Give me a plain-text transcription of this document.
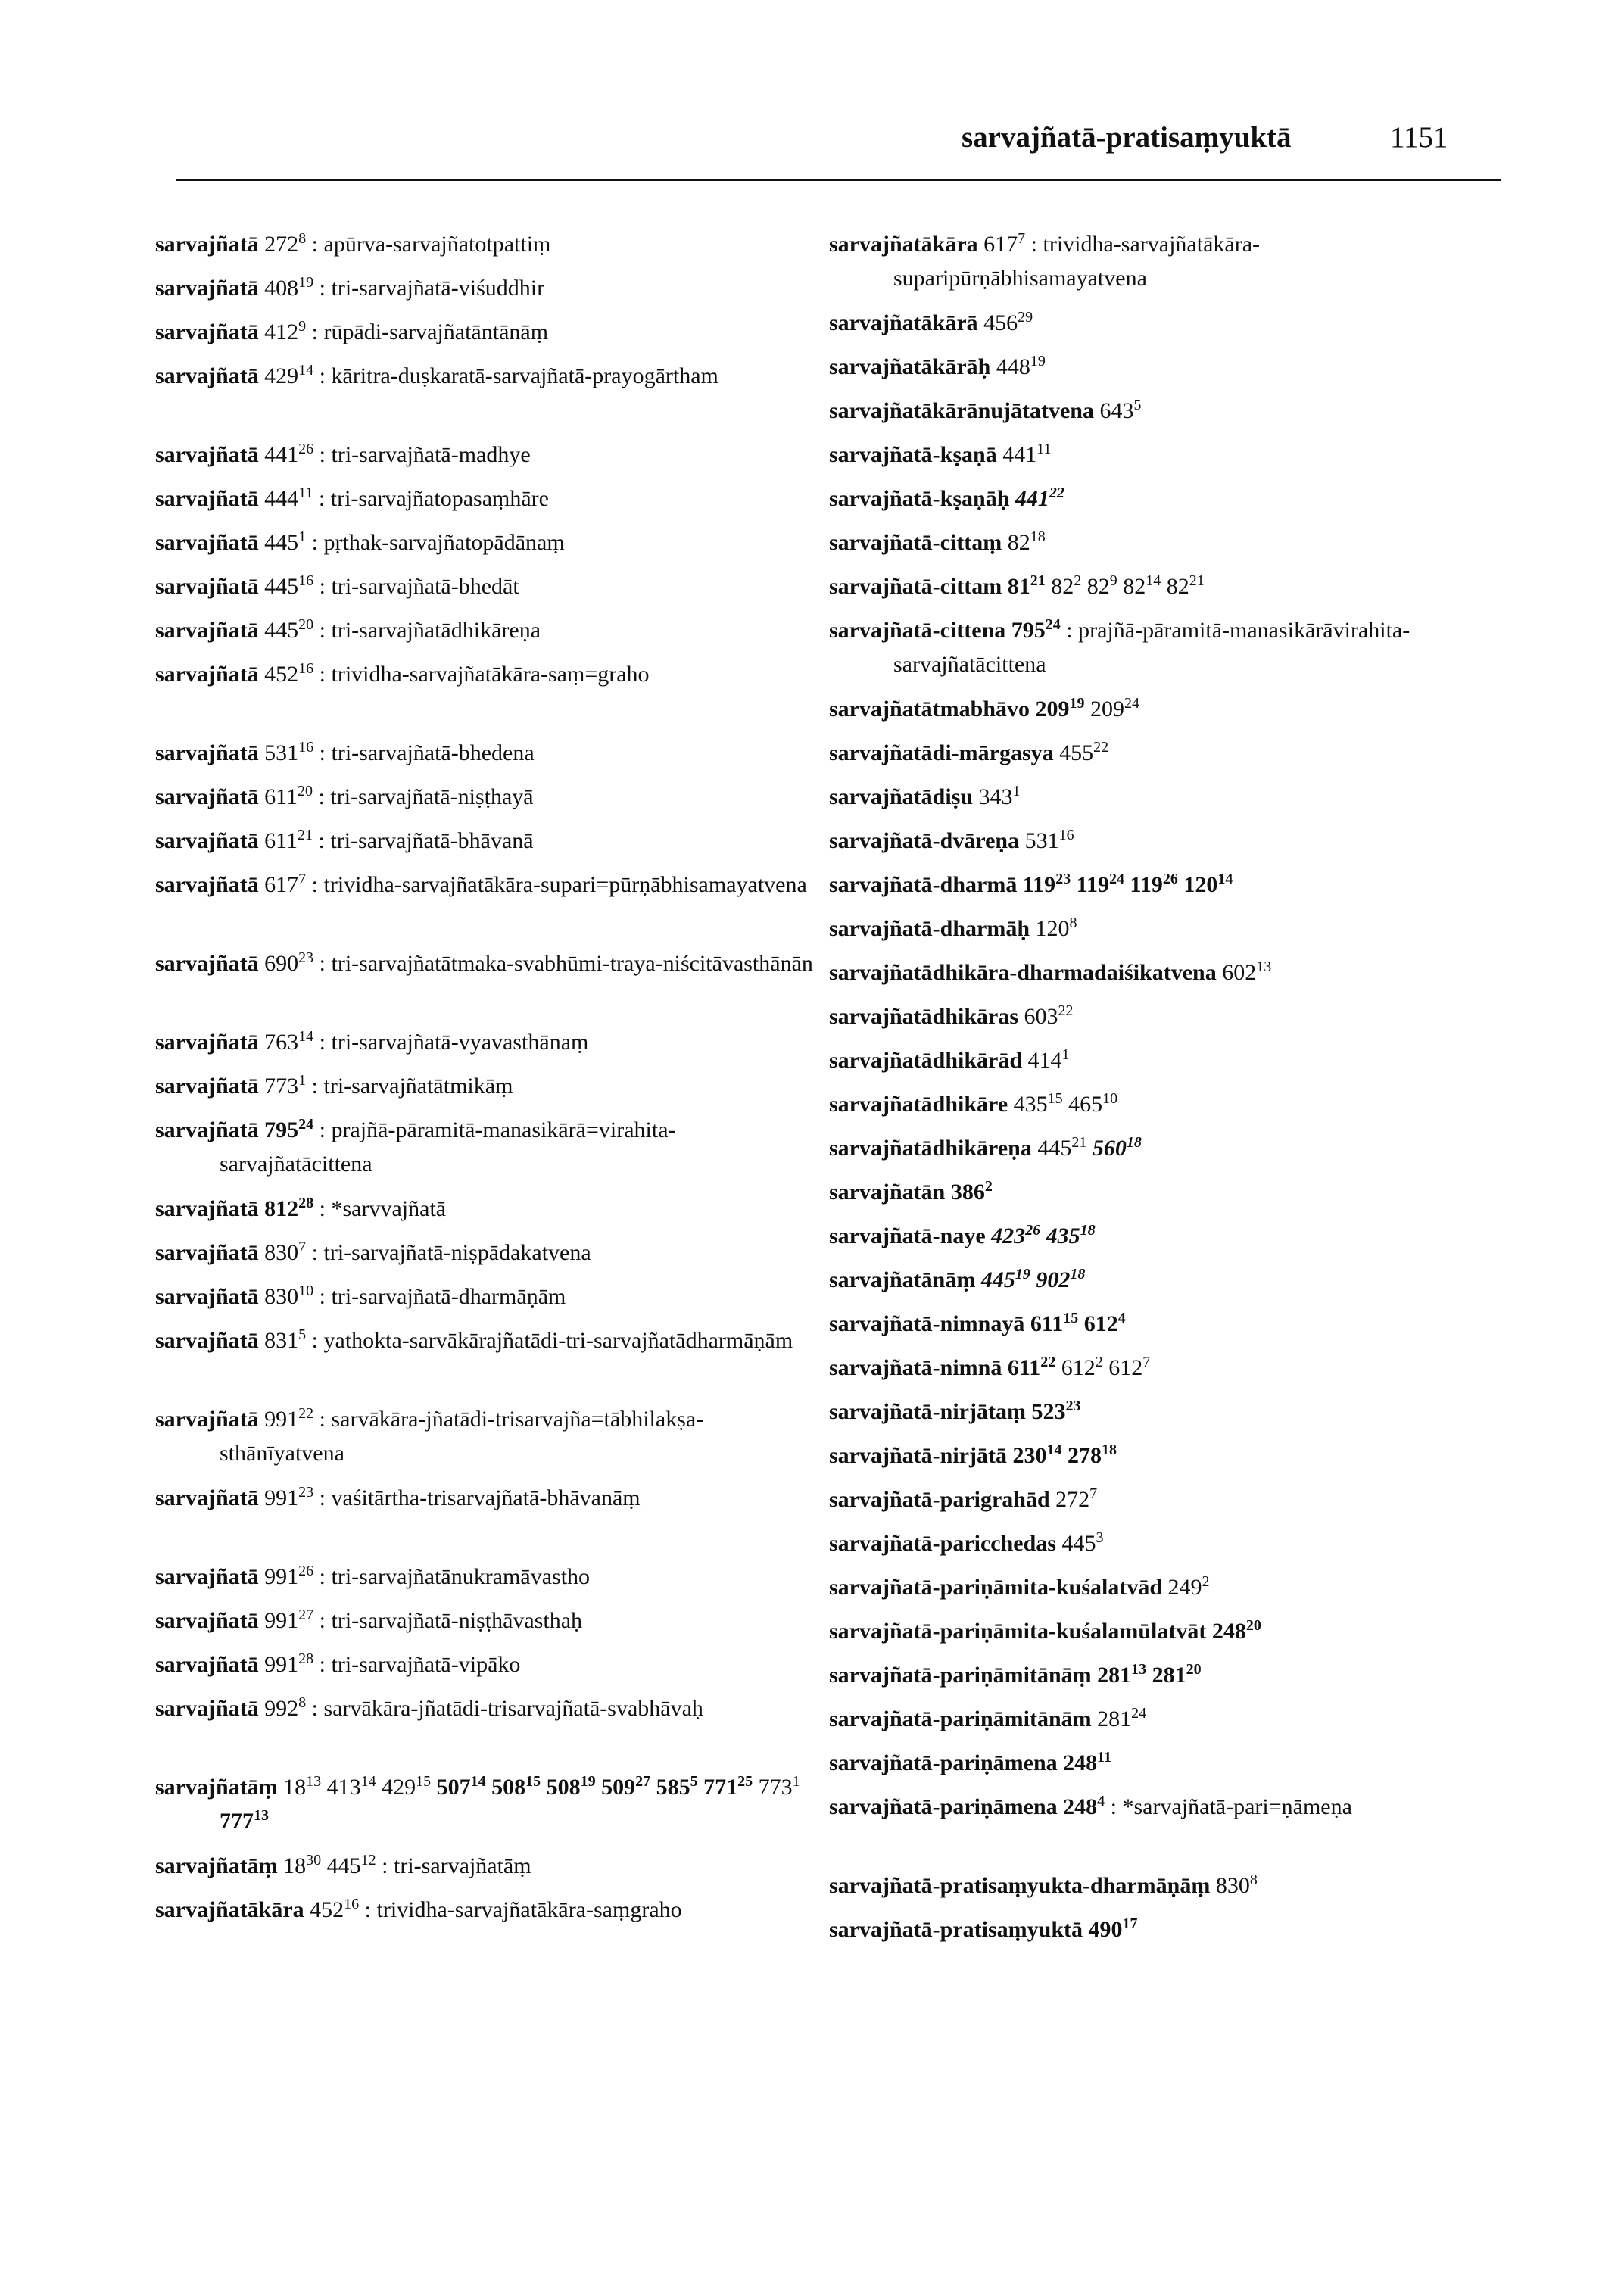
sarvajñatā-pratisaṃyuktā	1151
sarvajñatā $272^8$ : apūrva-sarvajñatotpattiṃ
sarvajñatā $408^{19}$ : tri-sarvajñatā-viśuddhir
sarvajñatā $412^9$ : rūpādi-sarvajñatāntānāṃ
sarvajñatā $429^{14}$ : kāritra-duṣkaratā-sarvajñatā-prayogārtham
sarvajñatā $441^{26}$ : tri-sarvajñatā-madhye
sarvajñatā $444^{11}$ : tri-sarvajñatopasaṃhāre
sarvajñatā $445^1$ : pṛthak-sarvajñatopādānaṃ
sarvajñatā $445^{16}$ : tri-sarvajñatā-bhedāt
sarvajñatā $445^{20}$ : tri-sarvajñatādhikāreṇa
sarvajñatā $452^{16}$ : trividha-sarvajñatākāra-saṃ=graho
sarvajñatā $531^{16}$ : tri-sarvajñatā-bhedena
sarvajñatā $611^{20}$ : tri-sarvajñatā-niṣṭhayā
sarvajñatā $611^{21}$ : tri-sarvajñatā-bhāvanā
sarvajñatā $617^7$ : trividha-sarvajñatākāra-supari=pūrṇābhisamayatvena
sarvajñatā $690^{23}$ : tri-sarvajñatātmaka-svabhūmi-traya-niścitāvasthānān
sarvajñatā $763^{14}$ : tri-sarvajñatā-vyavasthānaṃ
sarvajñatā $773^1$ : tri-sarvajñatātmikāṃ
sarvajñatā $795^{24}$ : prajñā-pāramitā-manasikārā=virahita-sarvajñatācittena
sarvajñatā $812^{28}$ : *sarvvajñatā
sarvajñatā $830^7$ : tri-sarvajñatā-niṣpādakatvena
sarvajñatā $830^{10}$ : tri-sarvajñatā-dharmāṇām
sarvajñatā $831^5$ : yathokta-sarvākārajñatādi-tri-sarvajñatādharmāṇām
sarvajñatā $991^{22}$ : sarvākāra-jñatādi-trisarvajña=tābhilakṣa-sthānīyatvena
sarvajñatā $991^{23}$ : vaśitārtha-trisarvajñatā-bhāvanāṃ
sarvajñatā $991^{26}$ : tri-sarvajñatānukramāvastho
sarvajñatā $991^{27}$ : tri-sarvajñatā-niṣṭhāvasthaḥ
sarvajñatā $991^{28}$ : tri-sarvajñatā-vipāko
sarvajñatā $992^8$ : sarvākāra-jñatādi-trisarvajñatā-svabhāvaḥ
sarvajñatāṃ $18^{13}$ $413^{14}$ $429^{15}$ $507^{14}$ $508^{15}$ $508^{19}$ $509^{27}$ $585^5$ $771^{25}$ $773^1$ $777^{13}$
sarvajñatāṃ $18^{30}$ $445^{12}$ : tri-sarvajñatāṃ
sarvajñatākāra $452^{16}$ : trividha-sarvajñatākāra-saṃgraho
sarvajñatākāra $617^7$ : trividha-sarvajñatākāra-suparipūrṇābhisamayatvena
sarvajñatākārā $456^{29}$
sarvajñatākārāḥ $448^{19}$
sarvajñatākārānujātatvena $643^5$
sarvajñatā-kṣaṇā $441^{11}$
sarvajñatā-kṣaṇāḥ $441^{22}$
sarvajñatā-cittaṃ $82^{18}$
sarvajñatā-cittam $81^{21}$ $82^2$ $82^9$ $82^{14}$ $82^{21}$
sarvajñatā-cittena $795^{24}$ : prajñā-pāramitā-manasikārāvirahita-sarvajñatācittena
sarvajñatātmabhāvo $209^{19}$ $209^{24}$
sarvajñatādi-mārgasya $455^{22}$
sarvajñatādiṣu $343^1$
sarvajñatā-dvāreṇa $531^{16}$
sarvajñatā-dharmā $119^{23}$ $119^{24}$ $119^{26}$ $120^{14}$
sarvajñatā-dharmāḥ $120^8$
sarvajñatādhikāra-dharmadaiśikatvena $602^{13}$
sarvajñatādhikāras $603^{22}$
sarvajñatādhikārād $414^1$
sarvajñatādhikāre $435^{15}$ $465^{10}$
sarvajñatādhikāreṇa $445^{21}$ $560^{18}$
sarvajñatān $386^2$
sarvajñatā-naye $423^{26}$ $435^{18}$
sarvajñatānāṃ $445^{19}$ $902^{18}$
sarvajñatā-nimnayā $611^{15}$ $612^4$
sarvajñatā-nimnā $611^{22}$ $612^2$ $612^7$
sarvajñatā-nirjātaṃ $523^{23}$
sarvajñatā-nirjātā $230^{14}$ $278^{18}$
sarvajñatā-parigrahād $272^7$
sarvajñatā-paricchedas $445^3$
sarvajñatā-pariṇāmita-kuśalatvād $249^2$
sarvajñatā-pariṇāmita-kuśalamūlatvāt $248^{20}$
sarvajñatā-pariṇāmitānāṃ $281^{13}$ $281^{20}$
sarvajñatā-pariṇāmitānām $281^{24}$
sarvajñatā-pariṇāmena $248^{11}$
sarvajñatā-pariṇāmena $248^4$ : *sarvajñatā-pari=ṇāmeṇa
sarvajñatā-pratisaṃyukta-dharmāṇāṃ $830^8$
sarvajñatā-pratisaṃyuktā $490^{17}$
